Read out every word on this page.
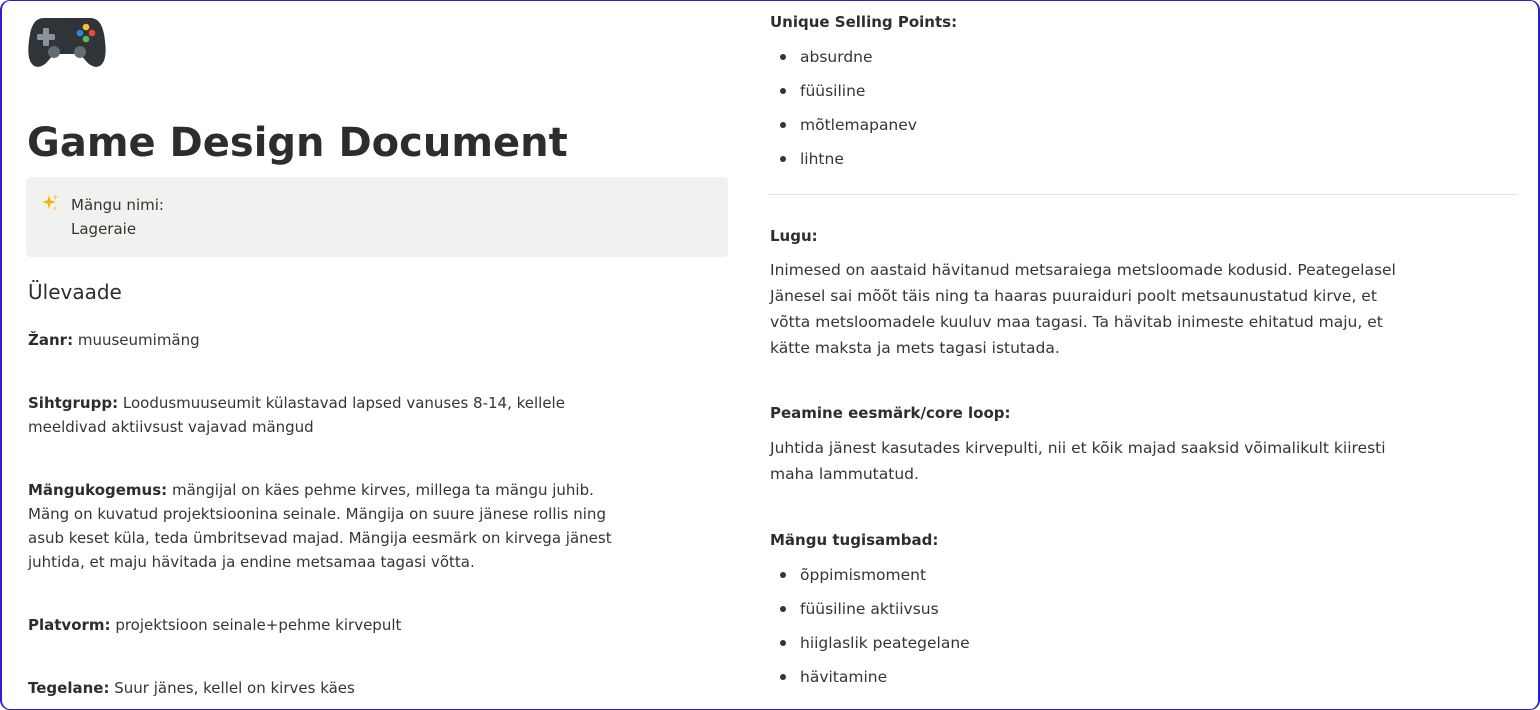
Game Design Document
Mängu nimi:
Lageraie
Ülevaade

Žanr: muuseumimäng

Sihtgrupp: Loodusmuuseumit külastavad lapsed vanuses 8-14, kellele meeldivad aktiivsust vajavad mängud

Mängukogemus: mängijal on käes pehme kirves, millega ta mängu juhib. Mäng on kuvatud projektsioonina seinale. Mängija on suure jänese rollis ning asub keset küla, teda ümbritsevad majad. Mängija eesmärk on kirvega jänest juhtida, et maju hävitada ja endine metsamaa tagasi võtta.

Platvorm: projektsioon seinale+pehme kirvepult

Tegelane: Suur jänes, kellel on kirves käes

Unique Selling Points:
absurdne
füüsiline
mõtlemapanev
lihtne
Lugu:

Inimesed on aastaid hävitanud metsaraiega metsloomade kodusid. Peategelasel Jänesel sai mõõt täis ning ta haaras puuraiduri poolt metsaunustatud kirve, et võtta metsloomadele kuuluv maa tagasi. Ta hävitab inimeste ehitatud maju, et kätte maksta ja mets tagasi istutada.

Peamine eesmärk/core loop:

Juhtida jänest kasutades kirvepulti, nii et kõik majad saaksid võimalikult kiiresti maha lammutatud.

Mängu tugisambad:
õppimismoment
füüsiline aktiivsus
hiiglaslik peategelane
hävitamine
